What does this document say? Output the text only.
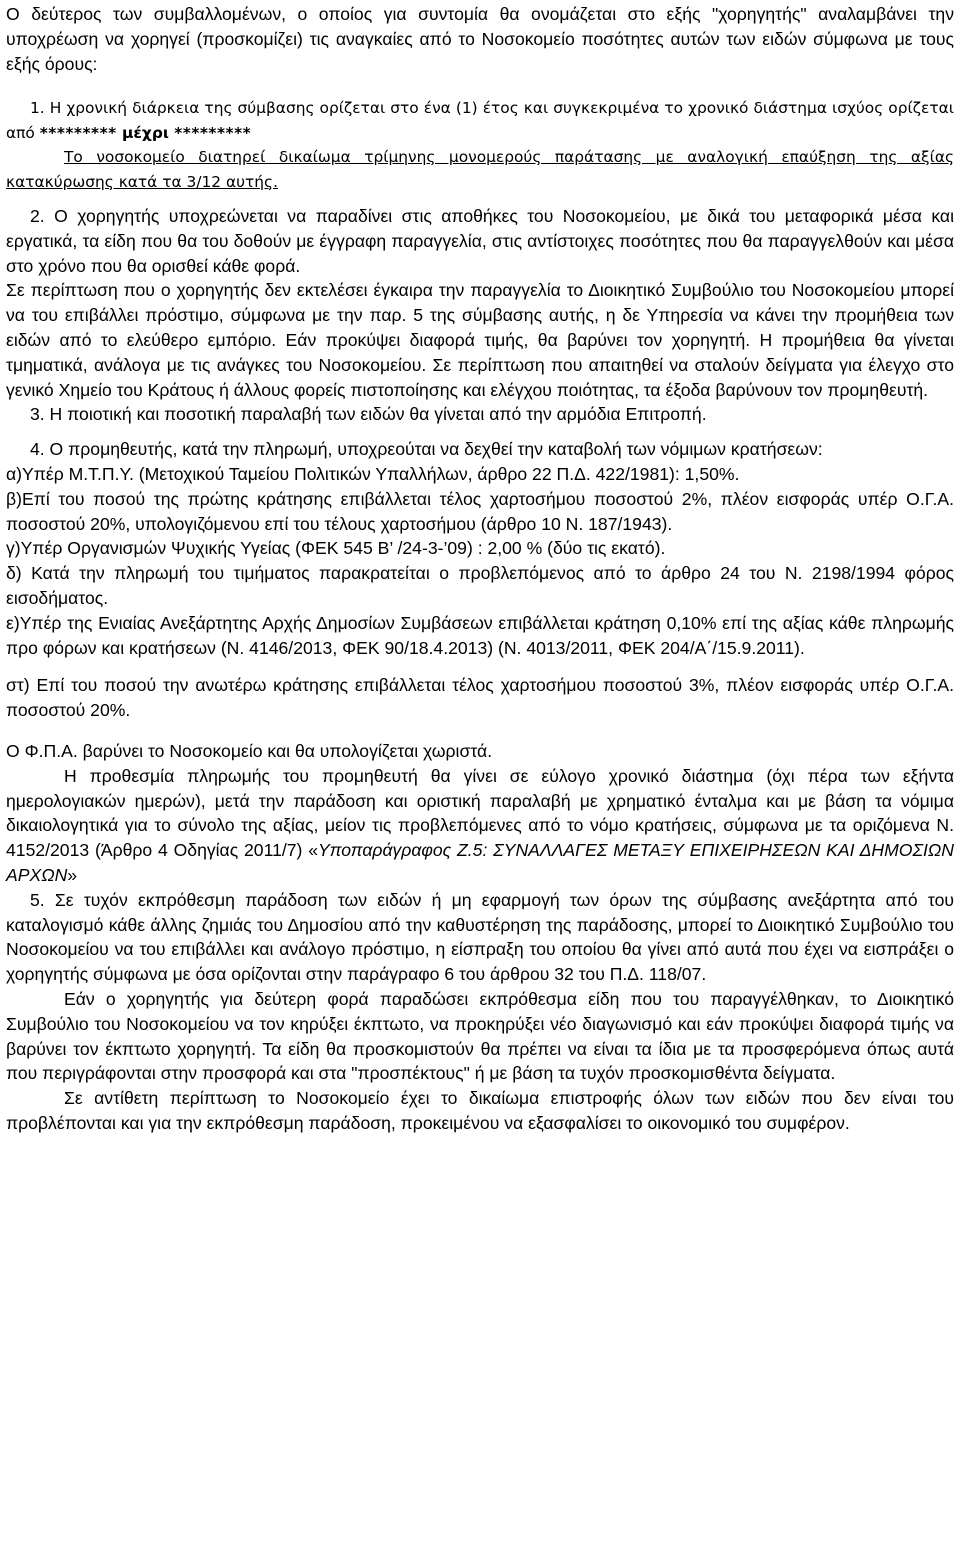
Ο δεύτερος των συμβαλλομένων, ο οποίος για συντομία θα ονομάζεται στο εξής "χορηγητής" αναλαμβάνει την υποχρέωση να χορηγεί (προσκομίζει) τις αναγκαίες από το Νοσοκομείο ποσότητες αυτών των ειδών σύμφωνα με τους εξής όρους:

1. Η χρονική διάρκεια της σύμβασης ορίζεται στο ένα (1) έτος και συγκεκριμένα το χρονικό διάστημα ισχύος ορίζεται από ********* μέχρι *********

Το νοσοκομείο διατηρεί δικαίωμα τρίμηνης μονομερούς παράτασης με αναλογική επαύξηση της αξίας κατακύρωσης κατά τα 3/12 αυτής.

2. Ο χορηγητής υποχρεώνεται να παραδίνει στις αποθήκες του Νοσοκομείου, με δικά του μεταφορικά μέσα και εργατικά, τα είδη που θα του δοθούν με έγγραφη παραγγελία, στις αντίστοιχες ποσότητες που θα παραγγελθούν και μέσα στο χρόνο που θα ορισθεί κάθε φορά.

Σε περίπτωση που ο χορηγητής δεν εκτελέσει έγκαιρα την παραγγελία το Διοικητικό Συμβούλιο του Νοσοκομείου μπορεί να του επιβάλλει πρόστιμο, σύμφωνα με την παρ. 5 της σύμβασης αυτής, η δε Υπηρεσία να κάνει την προμήθεια των ειδών από το ελεύθερο εμπόριο. Εάν προκύψει διαφορά τιμής, θα βαρύνει τον χορηγητή. Η προμήθεια θα γίνεται τμηματικά, ανάλογα με τις ανάγκες του Νοσοκομείου. Σε περίπτωση που απαιτηθεί να σταλούν δείγματα για έλεγχο στο γενικό Χημείο του Κράτους ή άλλους φορείς πιστοποίησης και ελέγχου ποιότητας, τα έξοδα βαρύνουν τον προμηθευτή.

3. Η ποιοτική και ποσοτική παραλαβή των ειδών θα γίνεται από την αρμόδια Επιτροπή.

4. Ο προμηθευτής, κατά την πληρωμή, υποχρεούται να δεχθεί την καταβολή των νόμιμων κρατήσεων:

α)Υπέρ Μ.Τ.Π.Υ. (Μετοχικού Ταμείου Πολιτικών Υπαλλήλων, άρθρο 22 Π.Δ. 422/1981): 1,50%.

β)Επί του ποσού της πρώτης κράτησης επιβάλλεται τέλος χαρτοσήμου ποσοστού 2%, πλέον εισφοράς υπέρ Ο.Γ.Α. ποσοστού 20%, υπολογιζόμενου επί του τέλους χαρτοσήμου (άρθρο 10 Ν. 187/1943).

γ)Υπέρ Οργανισμών Ψυχικής Υγείας (ΦΕΚ 545 Β’ /24-3-’09) : 2,00 % (δύο τις εκατό).

δ) Κατά την πληρωμή του τιμήματος παρακρατείται ο προβλεπόμενος από το άρθρο 24 του Ν. 2198/1994 φόρος εισοδήματος.

ε)Υπέρ της Ενιαίας Ανεξάρτητης Αρχής Δημοσίων Συμβάσεων επιβάλλεται κράτηση 0,10% επί της αξίας κάθε πληρωμής προ φόρων και κρατήσεων (Ν. 4146/2013, ΦΕΚ 90/18.4.2013) (Ν. 4013/2011, ΦΕΚ 204/Α΄/15.9.2011).

στ) Επί του ποσού την ανωτέρω κράτησης επιβάλλεται τέλος χαρτοσήμου ποσοστού 3%, πλέον εισφοράς υπέρ Ο.Γ.Α. ποσοστού 20%.

Ο Φ.Π.Α. βαρύνει το Νοσοκομείο και θα υπολογίζεται χωριστά.

Η προθεσμία πληρωμής του προμηθευτή θα γίνει σε εύλογο χρονικό διάστημα (όχι πέρα των εξήντα ημερολογιακών ημερών), μετά την παράδοση και οριστική παραλαβή με χρηματικό ένταλμα και με βάση τα νόμιμα δικαιολογητικά για το σύνολο της αξίας, μείον τις προβλεπόμενες από το νόμο κρατήσεις, σύμφωνα με τα οριζόμενα Ν. 4152/2013 (Άρθρο 4 Οδηγίας 2011/7) «Υποπαράγραφος Ζ.5: ΣΥΝΑΛΛΑΓΕΣ ΜΕΤΑΞΥ ΕΠΙΧΕΙΡΗΣΕΩΝ ΚΑΙ ΔΗΜΟΣΙΩΝ ΑΡΧΩΝ»

5. Σε τυχόν εκπρόθεσμη παράδοση των ειδών ή μη εφαρμογή των όρων της σύμβασης ανεξάρτητα από του καταλογισμό κάθε άλλης ζημιάς του Δημοσίου από την καθυστέρηση της παράδοσης, μπορεί το Διοικητικό Συμβούλιο του Νοσοκομείου να του επιβάλλει και ανάλογο πρόστιμο, η είσπραξη του οποίου θα γίνει από αυτά που έχει να εισπράξει ο χορηγητής σύμφωνα με όσα ορίζονται στην παράγραφο 6 του άρθρου 32 του Π.Δ. 118/07.

Εάν ο χορηγητής για δεύτερη φορά παραδώσει εκπρόθεσμα είδη που του παραγγέλθηκαν, το Διοικητικό Συμβούλιο του Νοσοκομείου να τον κηρύξει έκπτωτο, να προκηρύξει νέο διαγωνισμό και εάν προκύψει διαφορά τιμής να βαρύνει τον έκπτωτο χορηγητή. Τα είδη θα προσκομιστούν θα πρέπει να είναι τα ίδια με τα προσφερόμενα όπως αυτά που περιγράφονται στην προσφορά και στα "προσπέκτους" ή με βάση τα τυχόν προσκομισθέντα δείγματα.

Σε αντίθετη περίπτωση το Νοσοκομείο έχει το δικαίωμα επιστροφής όλων των ειδών που δεν είναι του προβλέπονται και για την εκπρόθεσμη παράδοση, προκειμένου να εξασφαλίσει το οικονομικό του συμφέρον.
